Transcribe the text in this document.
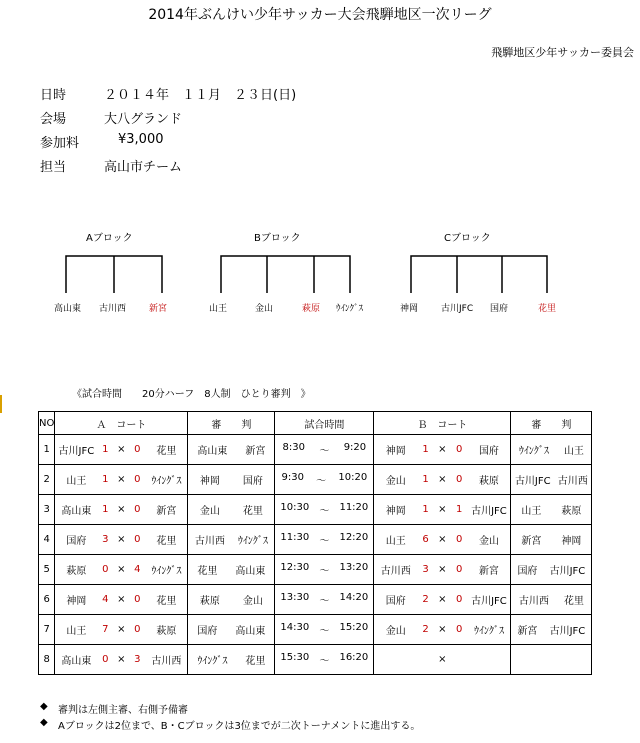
2014年ぶんけい少年サッカー大会飛騨地区一次リーグ
飛騨地区少年サッカー委員会
日時	２０１４年　１１月　２３日(日)
会場	大八グランド
参加料	¥3,000
担当	高山市チーム
Aブロック	Bブロック	Cブロック
高山東 古川西	新宮	山王	金山	萩原 ｳｲﾝｸﾞｽ	神岡	古川JFC 国府	花里
《試合時間　　20分ハーフ　8人制　ひとり審判　》
NO	Ａ　コート	審　　判	試合時間	Ｂ　コート	審　　判
1	古川JFC 1 × 0 花里	高山東 新宮	8:30 ～ 9:20	神岡 1 × 0 国府	ｳｲﾝｸﾞｽ 山王

2	山王 1 × 0 ｳｲﾝｸﾞｽ	神岡 国府	9:30 ～ 10:20	金山 1 × 0 萩原	古川JFC 古川西

3	高山東 1 × 0 新宮	金山 花里	10:30 ～ 11:20	神岡 1 × 1 古川JFC	山王 萩原

4	国府 3 × 0 花里	古川西 ｳｲﾝｸﾞｽ	11:30 ～ 12:20	山王 6 × 0 金山	新宮 神岡

5	萩原 0 × 4 ｳｲﾝｸﾞｽ	花里 高山東	12:30 ～ 13:20	古川西 3 × 0 新宮	国府 古川JFC

6	神岡 4 × 0 花里	萩原 金山	13:30 ～ 14:20	国府 2 × 0 古川JFC	古川西 花里

7	山王 7 × 0 萩原	国府 高山東	14:30 ～ 15:20	金山 2 × 0 ｳｲﾝｸﾞｽ	新宮 古川JFC

8	高山東 0 × 3 古川西	ｳｲﾝｸﾞｽ 花里	15:30 ～ 16:20	×	

◆ 審判は左側主審、右側予備審
◆ Aブロックは2位まで、B・Cブロックは3位までが二次トーナメントに進出する。
